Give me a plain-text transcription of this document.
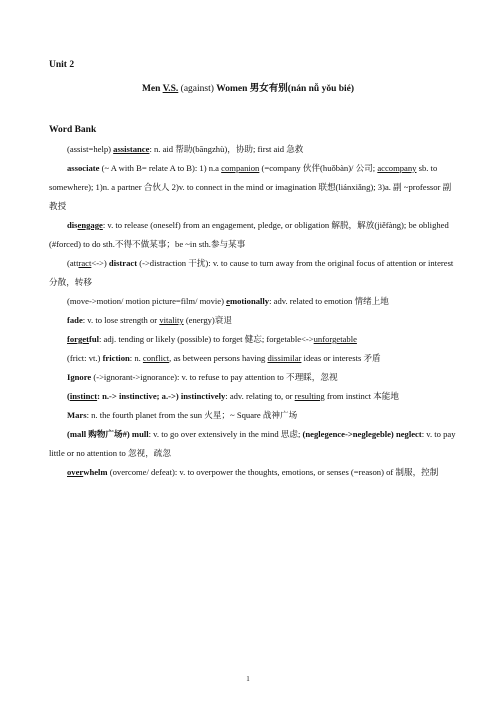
Unit 2
Men V.S. (against) Women 男女有别(nán nǚ yǒu bié)
Word Bank

(assist=help) assistance: n. aid 帮助(bāngzhù)，协助; first aid 急救

associate (~ A with B= relate A to B): 1) n.a companion (=company 伙伴(huǒbàn)/ 公司; accompany sb. to somewhere); 1)n. a partner 合伙人 2)v. to connect in the mind or imagination 联想(liánxiǎng); 3)a. 副 ~professor 副教授

disengage: v. to release (oneself) from an engagement, pledge, or obligation 解脱，解放(jiěfàng); be oblighed (#forced) to do sth.不得不做某事；be ~in sth.参与某事

(attract<->) distract (->distraction 干扰): v. to cause to turn away from the original focus of attention or interest 分散，转移

(move->motion/ motion picture=film/ movie) emotionally: adv. related to emotion 情绪上地

fade: v. to lose strength or vitality (energy)衰退

forgetful: adj. tending or likely (possible) to forget 健忘; forgetable<->unforgetable

(frict: vt.) friction: n. conflict, as between persons having dissimilar ideas or interests 矛盾

Ignore (->ignorant->ignorance): v. to refuse to pay attention to 不理睬，忽视

(instinct: n.-> instinctive; a.->) instinctively: adv. relating to, or resulting from instinct 本能地

Mars: n. the fourth planet from the sun 火星；~ Square 战神广场

(mall 购物广场#) mull: v. to go over extensively in the mind 思虑; (neglegence->neglegeble) neglect: v. to pay little or no attention to 忽视，疏忽

overwhelm (overcome/ defeat): v. to overpower the thoughts, emotions, or senses (=reason) of 制服，控制

1
